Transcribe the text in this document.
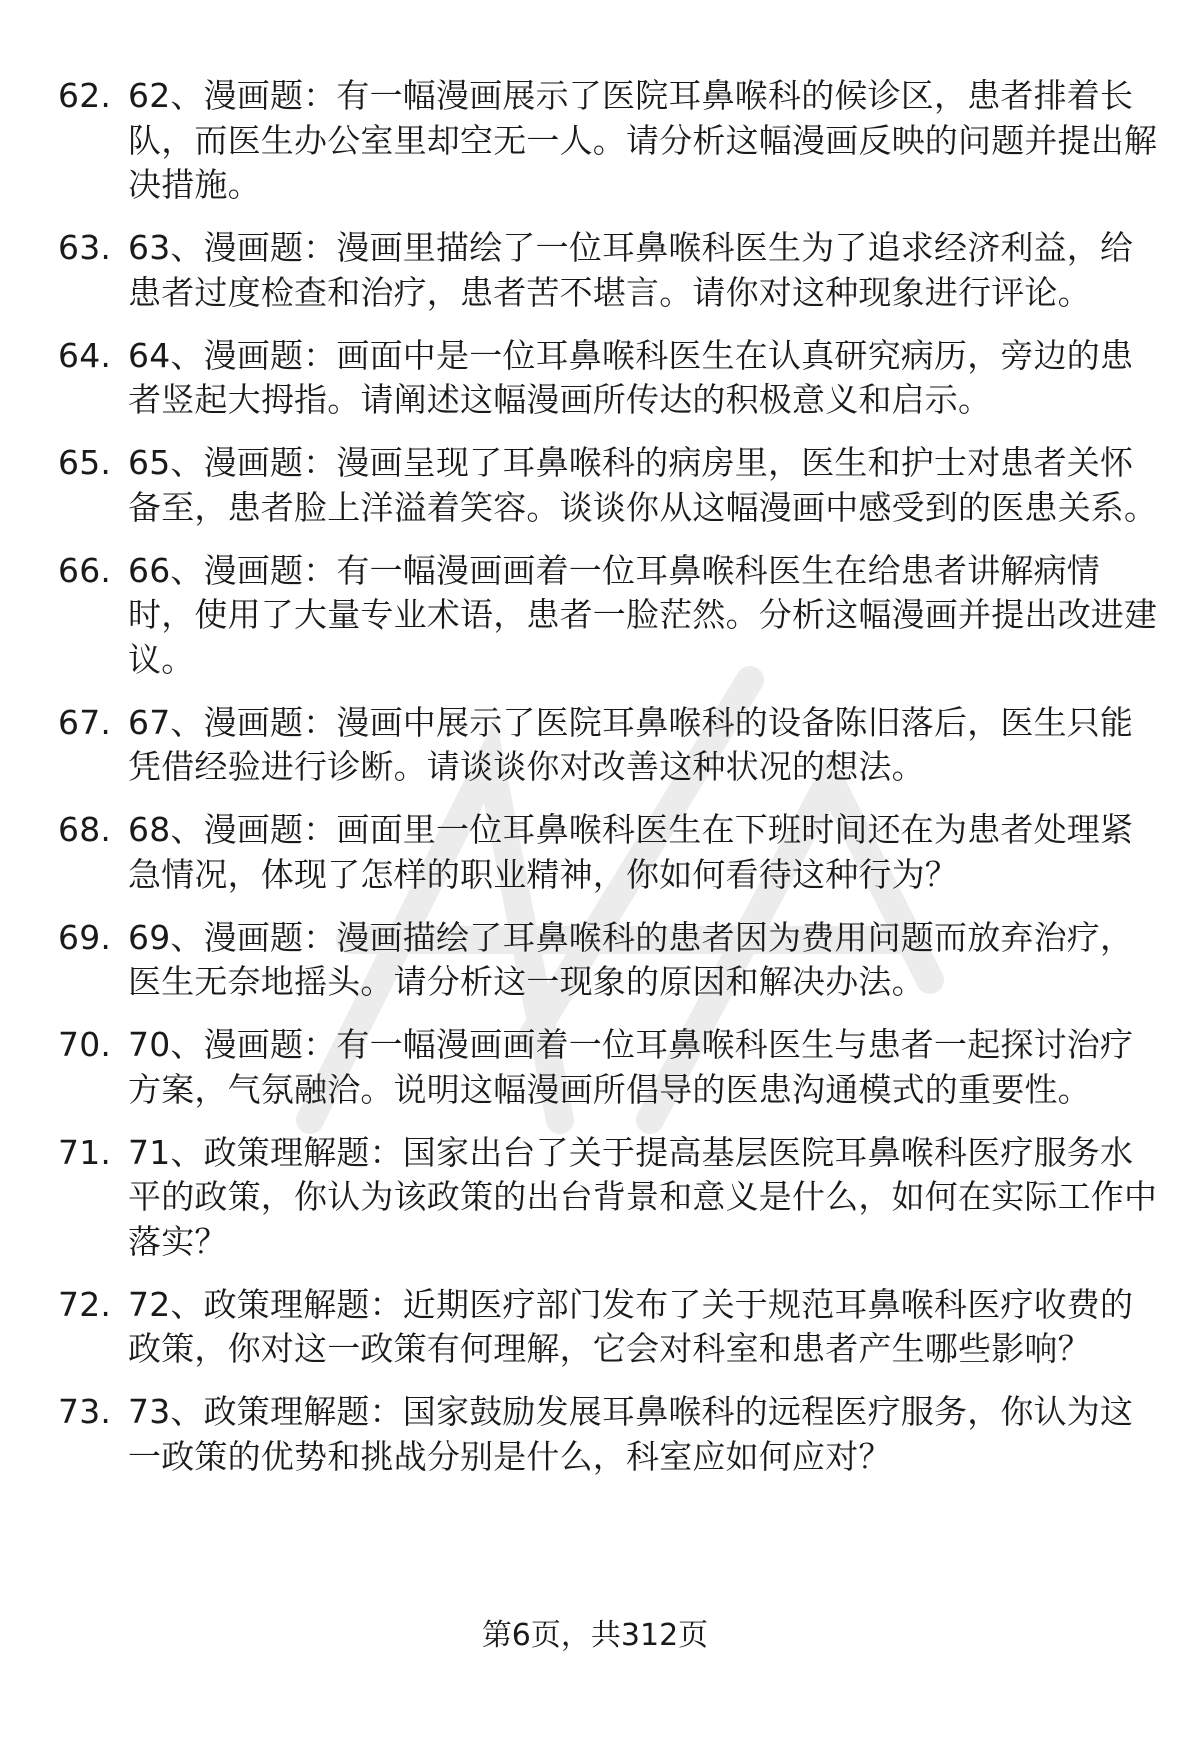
62. 62、漫画题：有一幅漫画展示了医院耳鼻喉科的候诊区，患者排着长队，而医生办公室里却空无一人。请分析这幅漫画反映的问题并提出解决措施。
63. 63、漫画题：漫画里描绘了一位耳鼻喉科医生为了追求经济利益，给患者过度检查和治疗，患者苦不堪言。请你对这种现象进行评论。
64. 64、漫画题：画面中是一位耳鼻喉科医生在认真研究病历，旁边的患者竖起大拇指。请阐述这幅漫画所传达的积极意义和启示。
65. 65、漫画题：漫画呈现了耳鼻喉科的病房里，医生和护士对患者关怀备至，患者脸上洋溢着笑容。谈谈你从这幅漫画中感受到的医患关系。
66. 66、漫画题：有一幅漫画画着一位耳鼻喉科医生在给患者讲解病情时，使用了大量专业术语，患者一脸茫然。分析这幅漫画并提出改进建议。
67. 67、漫画题：漫画中展示了医院耳鼻喉科的设备陈旧落后，医生只能凭借经验进行诊断。请谈谈你对改善这种状况的想法。
68. 68、漫画题：画面里一位耳鼻喉科医生在下班时间还在为患者处理紧急情况，体现了怎样的职业精神，你如何看待这种行为？
69. 69、漫画题：漫画描绘了耳鼻喉科的患者因为费用问题而放弃治疗，医生无奈地摇头。请分析这一现象的原因和解决办法。
70. 70、漫画题：有一幅漫画画着一位耳鼻喉科医生与患者一起探讨治疗方案，气氛融洽。说明这幅漫画所倡导的医患沟通模式的重要性。
71. 71、政策理解题：国家出台了关于提高基层医院耳鼻喉科医疗服务水平的政策，你认为该政策的出台背景和意义是什么，如何在实际工作中落实？
72. 72、政策理解题：近期医疗部门发布了关于规范耳鼻喉科医疗收费的政策，你对这一政策有何理解，它会对科室和患者产生哪些影响？
73. 73、政策理解题：国家鼓励发展耳鼻喉科的远程医疗服务，你认为这一政策的优势和挑战分别是什么，科室应如何应对？
第6页，共312页
